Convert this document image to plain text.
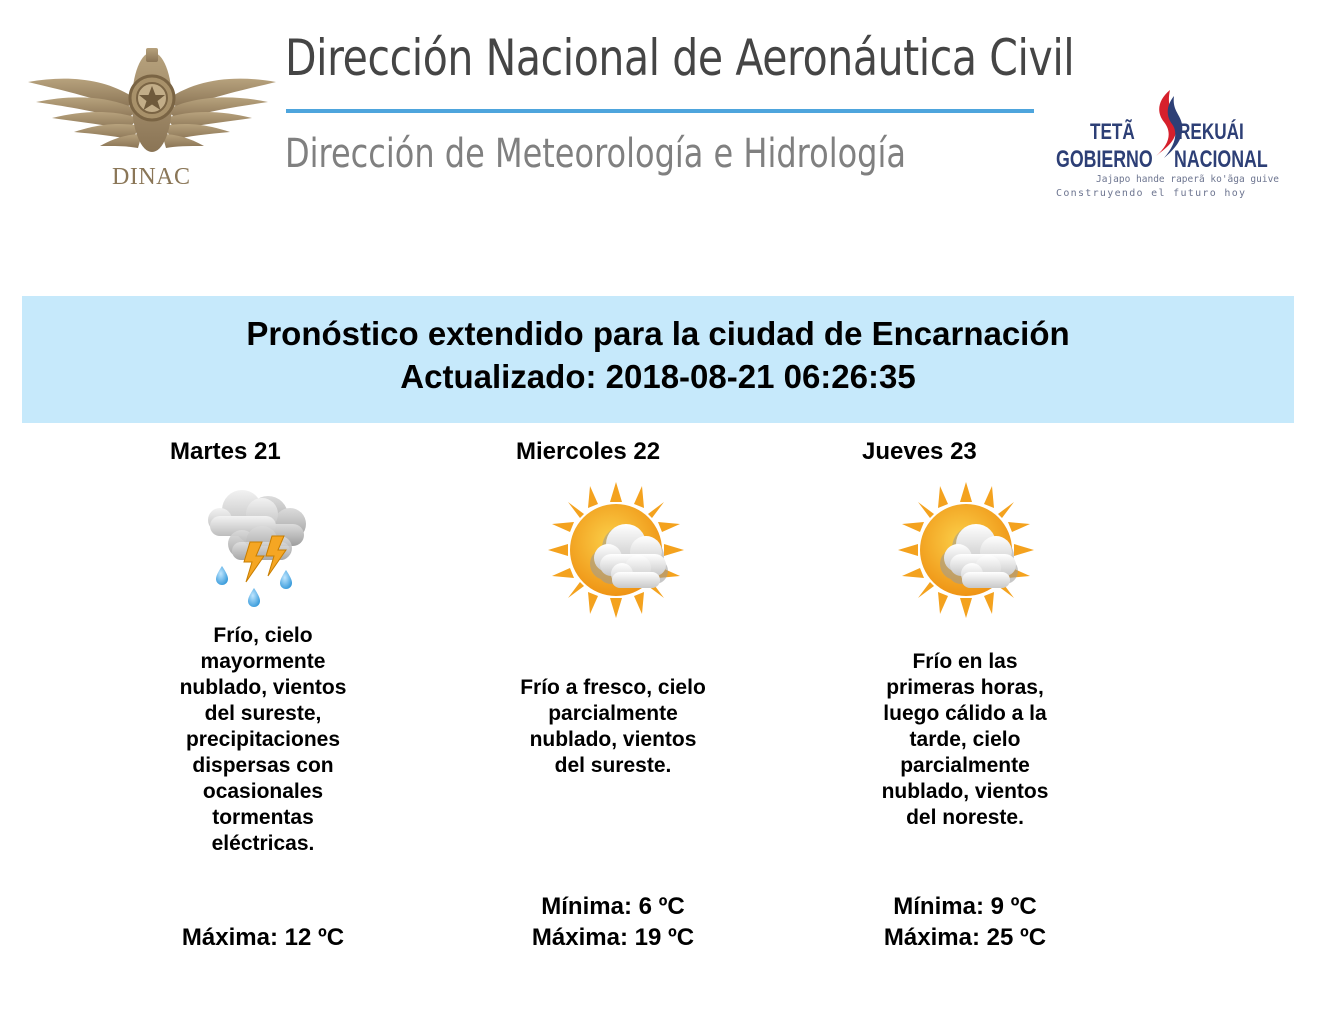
DINAC
Dirección Nacional de Aeronáutica Civil
Dirección de Meteorología e Hidrología	TETÃ REKUÁI
GOBIERNO NACIONAL
Jajapo hande raperã ko'ãga guive
Construyendo el futuro hoy
Pronóstico extendido para la ciudad de Encarnación
Actualizado: 2018-08-21 06:26:35
Martes 21
Frío, cielo mayormente nublado, vientos del sureste, precipitaciones dispersas con ocasionales tormentas eléctricas.
Máxima: 12 ºC
Miercoles 22
Frío a fresco, cielo parcialmente nublado, vientos del sureste.
Mínima: 6 ºC
Máxima: 19 ºC
Jueves 23
Frío en las primeras horas, luego cálido a la tarde, cielo parcialmente nublado, vientos del noreste.
Mínima: 9 ºC
Máxima: 25 ºC
